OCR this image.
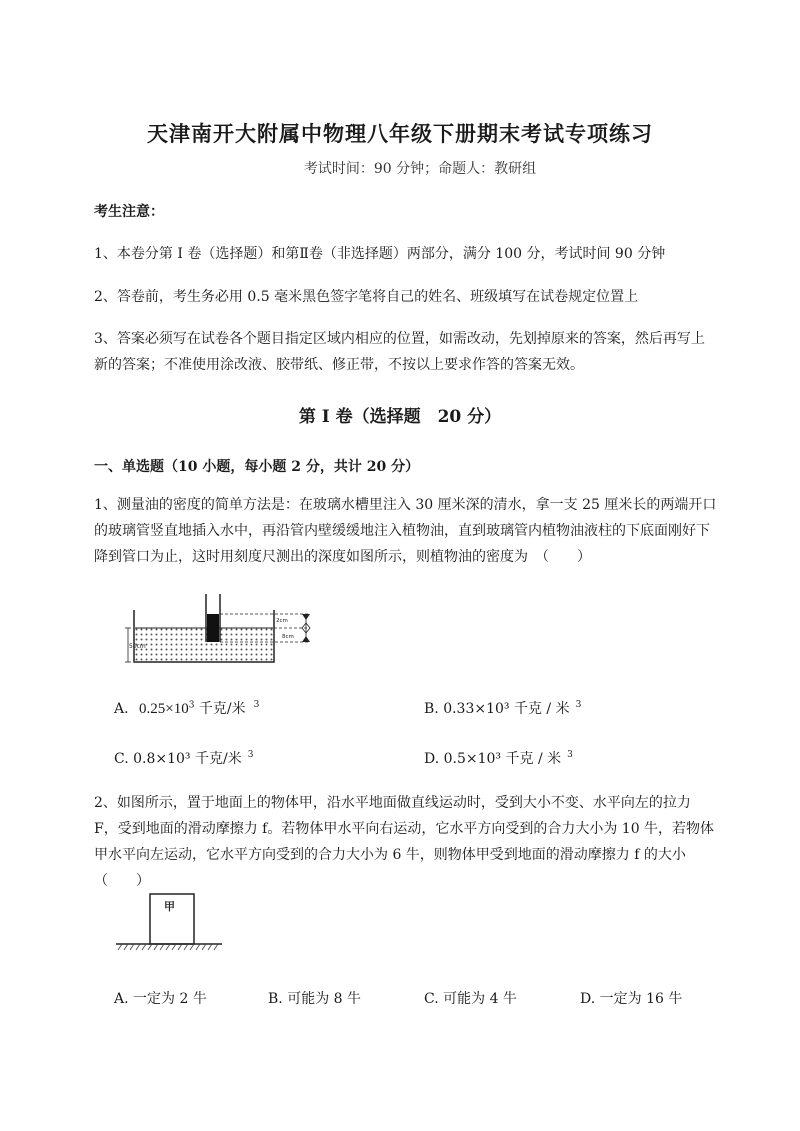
天津南开大附属中物理八年级下册期末考试专项练习
考试时间：90 分钟；命题人：教研组
考生注意：
1、本卷分第 I 卷（选择题）和第Ⅱ卷（非选择题）两部分，满分 100 分，考试时间 90 分钟
2、答卷前，考生务必用 0.5 毫米黑色签字笔将自己的姓名、班级填写在试卷规定位置上
3、答案必须写在试卷各个题目指定区域内相应的位置，如需改动，先划掉原来的答案，然后再写上新的答案；不准使用涂改液、胶带纸、修正带，不按以上要求作答的答案无效。
第 I 卷（选择题　20 分）
一、单选题（10 小题，每小题 2 分，共计 20 分）
1、测量油的密度的简单方法是：在玻璃水槽里注入 30 厘米深的清水，拿一支 25 厘米长的两端开口的玻璃管竖直地插入水中，再沿管内壁缓缓地注入植物油，直到玻璃管内植物油液柱的下底面刚好下降到管口为止，这时用刻度尺测出的深度如图所示，则植物油的密度为　（　　）
50cm
2cm
8cm
A. $0.25\times 10^3$ 千克/米 $^3$	B. 0.33×10³ 千克 / 米 $^3$
C. 0.8×10³ 千克/米 $^3$	D. 0.5×10³ 千克 / 米 $^3$
2、如图所示，置于地面上的物体甲，沿水平地面做直线运动时，受到大小不变、水平向左的拉力 F，受到地面的滑动摩擦力 f。若物体甲水平向右运动，它水平方向受到的合力大小为 10 牛，若物体甲水平向左运动，它水平方向受到的合力大小为 6 牛，则物体甲受到地面的滑动摩擦力 f 的大小（　　）
甲
A. 一定为 2 牛	B. 可能为 8 牛	C. 可能为 4 牛	D. 一定为 16 牛
